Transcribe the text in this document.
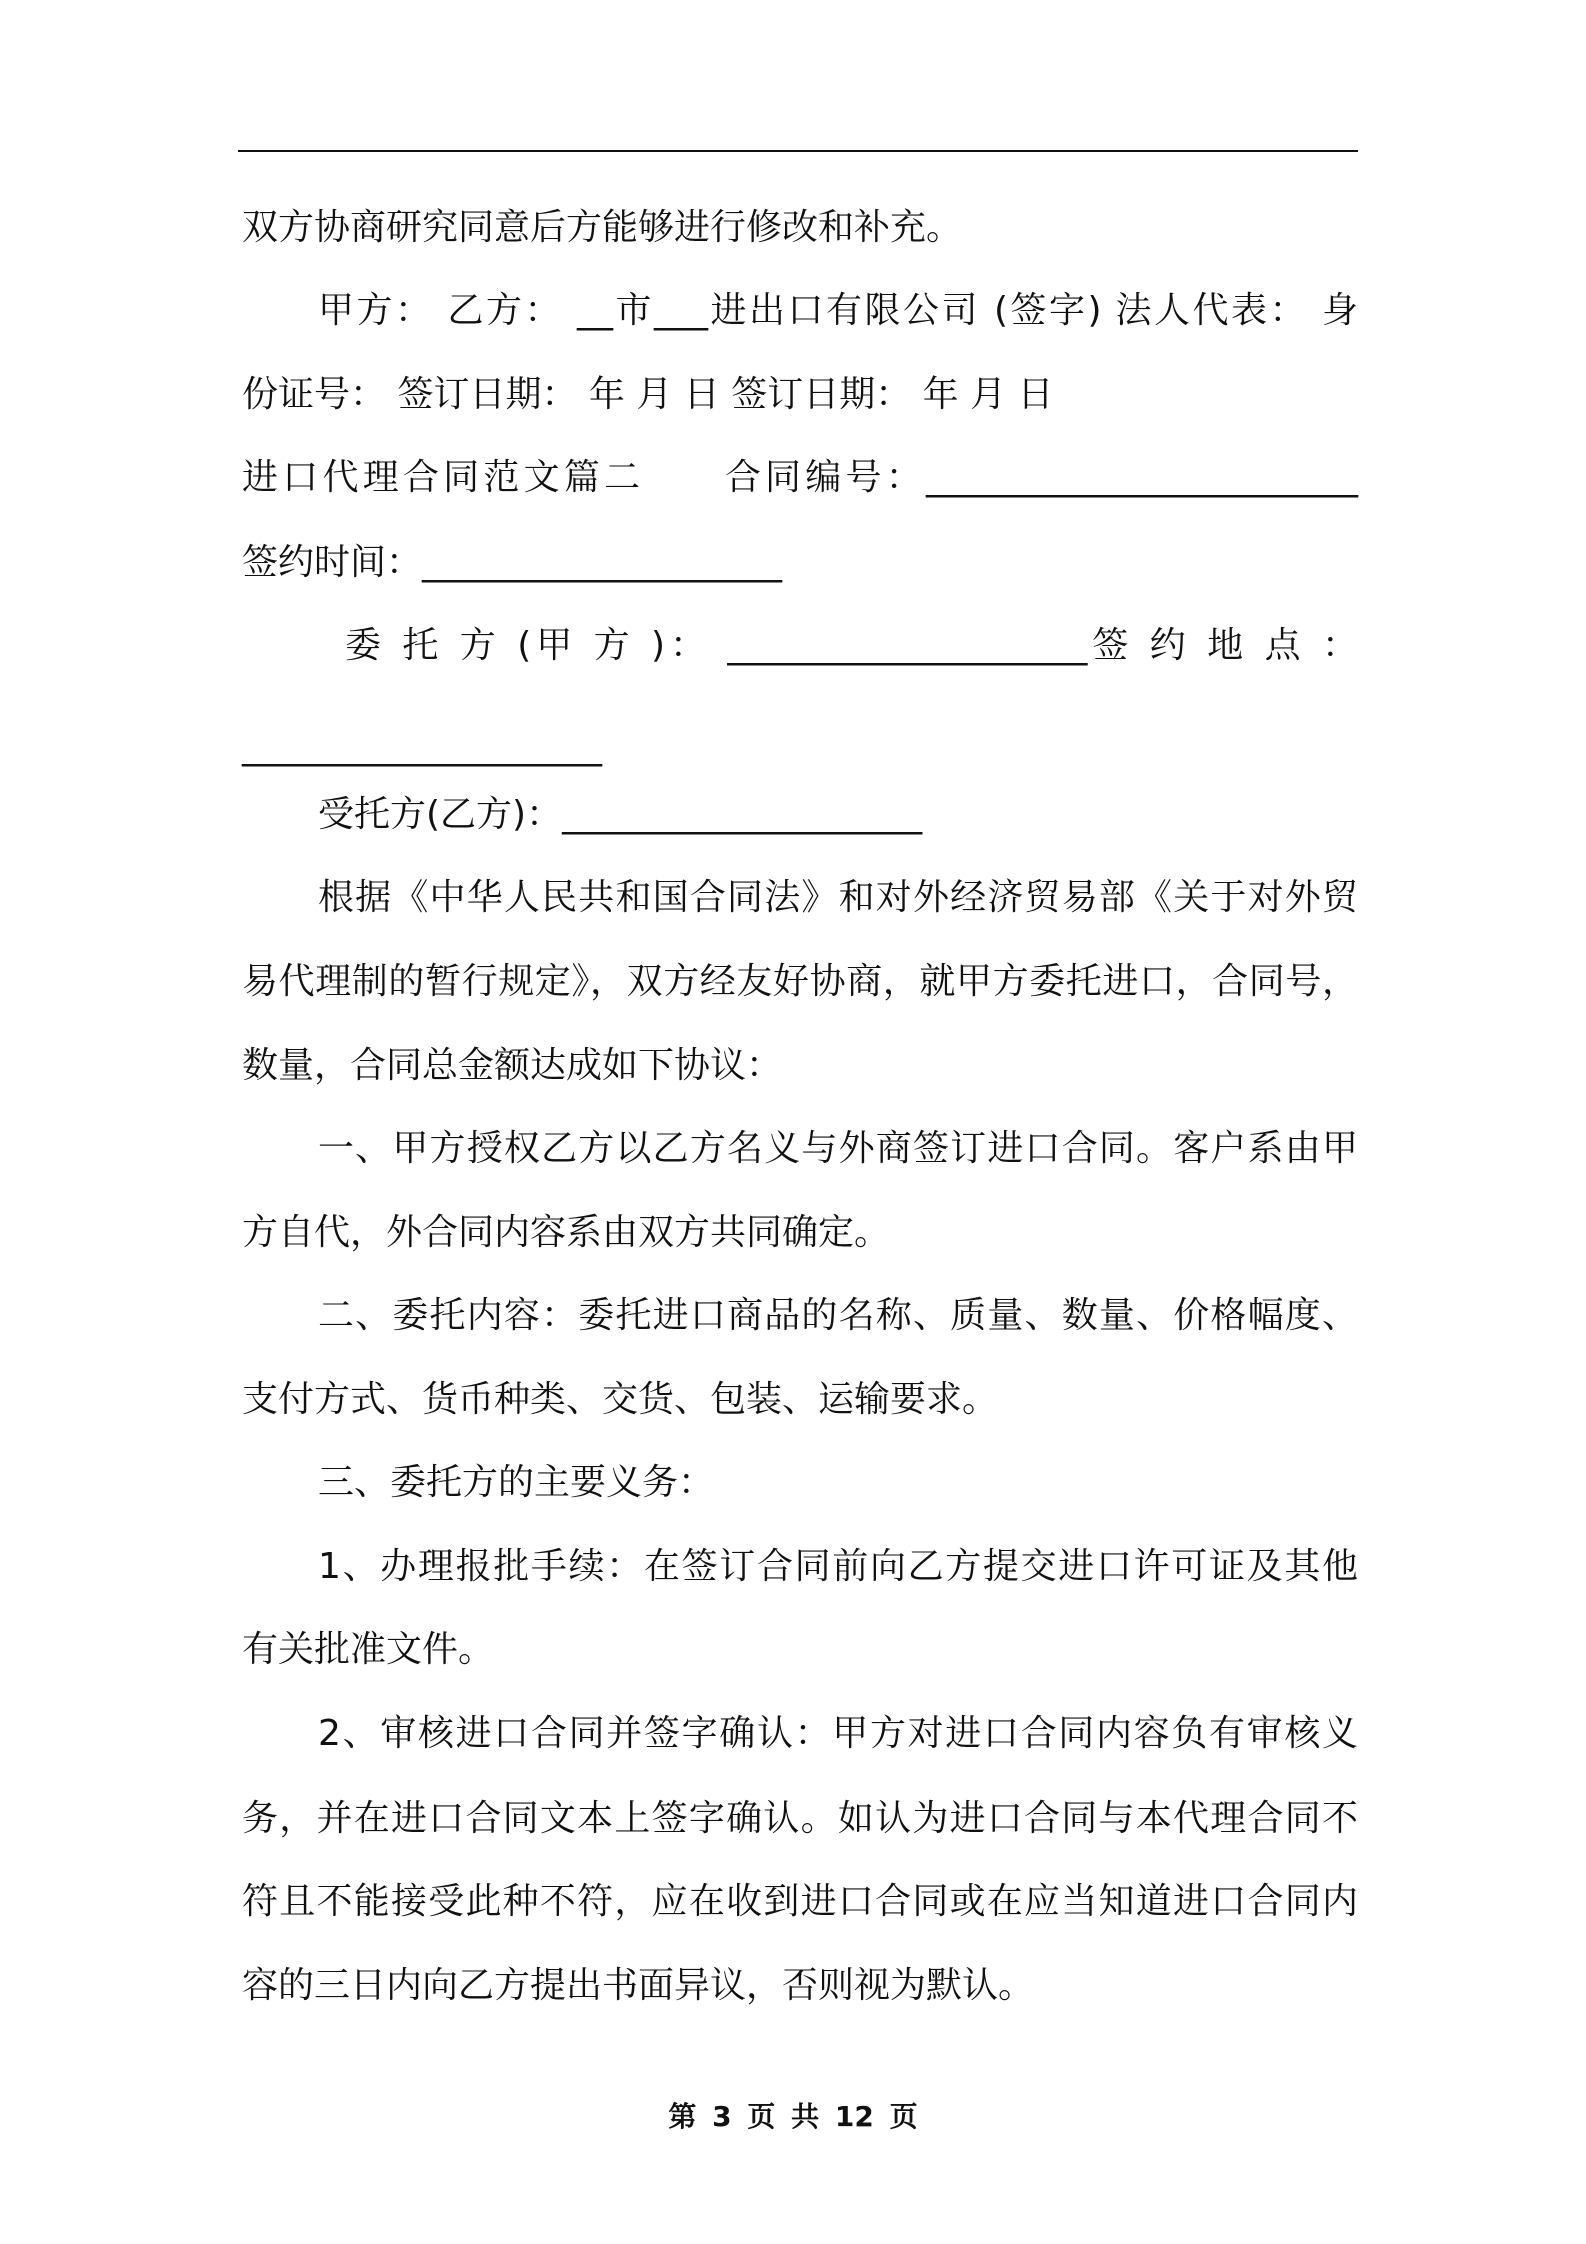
双方协商研究同意后方能够进行修改和补充。
甲方： 乙方： __市___进出口有限公司 (签字) 法人代表： 身
份证号： 签订日期： 年 月 日 签订日期： 年 月 日
进口代理合同范文篇二　　合同编号：________________________
签约时间：____________________
委 托 方 (甲 方 )： ____________________签 约 地 点 ：
____________________
受托方(乙方)：____________________
根据《中华人民共和国合同法》和对外经济贸易部《关于对外贸
易代理制的暂行规定》，双方经友好协商，就甲方委托进口，合同号，
数量，合同总金额达成如下协议：
一、甲方授权乙方以乙方名义与外商签订进口合同。客户系由甲
方自代，外合同内容系由双方共同确定。
二、委托内容：委托进口商品的名称、质量、数量、价格幅度、
支付方式、货币种类、交货、包装、运输要求。
三、委托方的主要义务：
1、办理报批手续：在签订合同前向乙方提交进口许可证及其他
有关批准文件。
2、审核进口合同并签字确认：甲方对进口合同内容负有审核义
务，并在进口合同文本上签字确认。如认为进口合同与本代理合同不
符且不能接受此种不符，应在收到进口合同或在应当知道进口合同内
容的三日内向乙方提出书面异议，否则视为默认。
第 3 页 共 12 页
